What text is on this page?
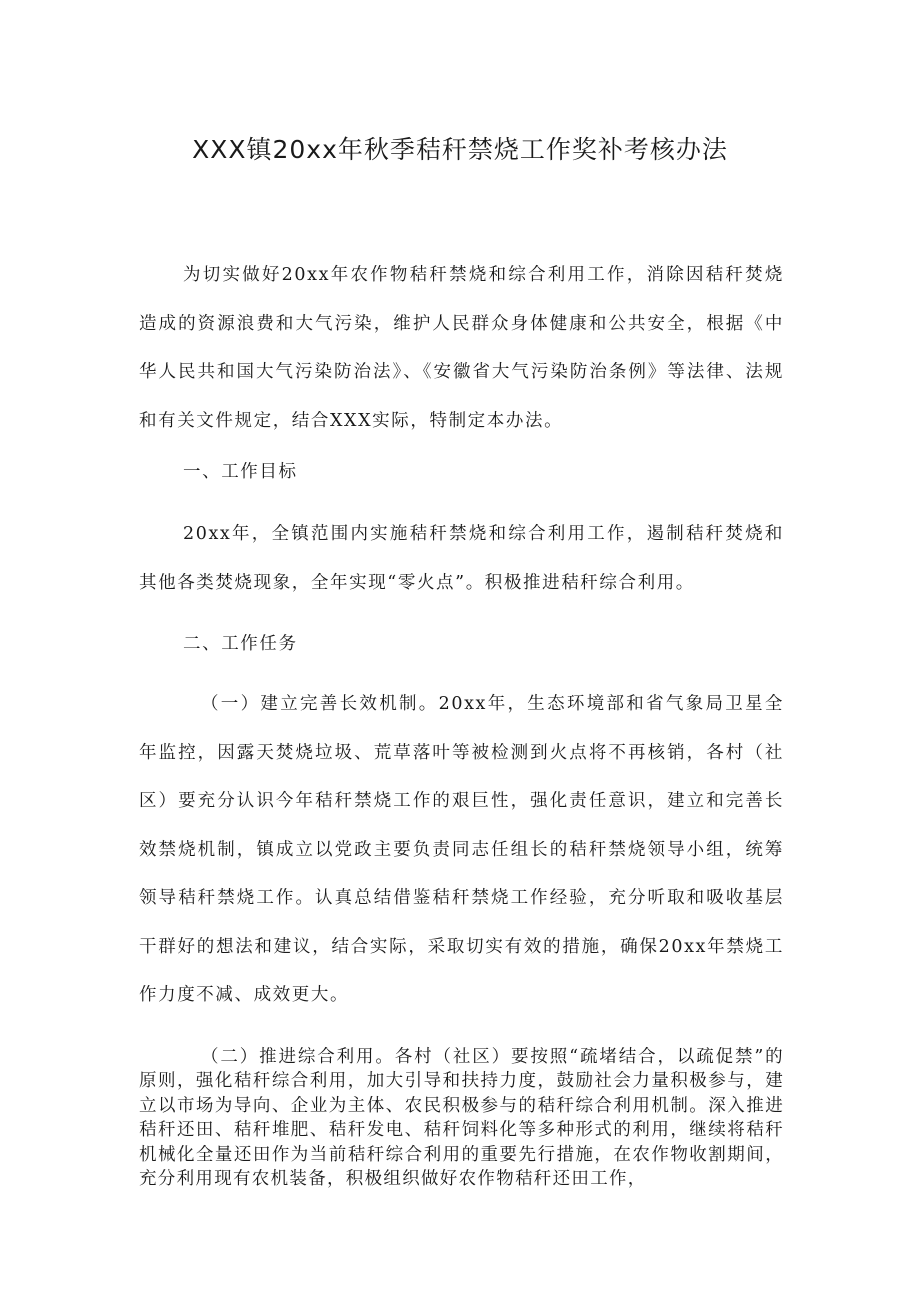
XXX镇20xx年秋季秸秆禁烧工作奖补考核办法

为切实做好20xx年农作物秸秆禁烧和综合利用工作，消除因秸秆焚烧造成的资源浪费和大气污染，维护人民群众身体健康和公共安全，根据《中华人民共和国大气污染防治法》、《安徽省大气污染防治条例》等法律、法规和有关文件规定，结合XXX实际，特制定本办法。

一、工作目标

20xx年，全镇范围内实施秸秆禁烧和综合利用工作，遏制秸秆焚烧和其他各类焚烧现象，全年实现“零火点”。积极推进秸秆综合利用。

二、工作任务

（一）建立完善长效机制。20xx年，生态环境部和省气象局卫星全年监控，因露天焚烧垃圾、荒草落叶等被检测到火点将不再核销，各村（社区）要充分认识今年秸秆禁烧工作的艰巨性，强化责任意识，建立和完善长效禁烧机制，镇成立以党政主要负责同志任组长的秸秆禁烧领导小组，统筹领导秸秆禁烧工作。认真总结借鉴秸秆禁烧工作经验，充分听取和吸收基层干群好的想法和建议，结合实际，采取切实有效的措施，确保20xx年禁烧工作力度不减、成效更大。

（二）推进综合利用。各村（社区）要按照“疏堵结合，以疏促禁”的原则，强化秸秆综合利用，加大引导和扶持力度，鼓励社会力量积极参与，建立以市场为导向、企业为主体、农民积极参与的秸秆综合利用机制。深入推进秸秆还田、秸秆堆肥、秸秆发电、秸秆饲料化等多种形式的利用，继续将秸秆机械化全量还田作为当前秸秆综合利用的重要先行措施，在农作物收割期间，充分利用现有农机装备，积极组织做好农作物秸秆还田工作，
